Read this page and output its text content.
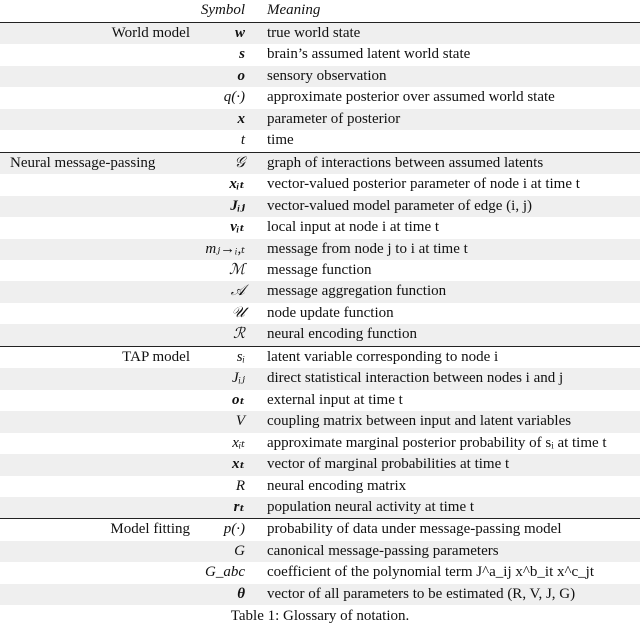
	Symbol	Meaning
World model	w	true world state
	s	brain’s assumed latent world state
	o	sensory observation
	q(·)	approximate posterior over assumed world state
	x	parameter of posterior
	t	time
Neural message-passing	𝒢	graph of interactions between assumed latents
	xᵢₜ	vector-valued posterior parameter of node i at time t
	Jᵢⱼ	vector-valued model parameter of edge (i, j)
	vᵢₜ	local input at node i at time t
	mⱼ→ᵢ,ₜ	message from node j to i at time t
	ℳ	message function
	𝒜	message aggregation function
	𝒰	node update function
	ℛ	neural encoding function
TAP model	sᵢ	latent variable corresponding to node i
	Jᵢⱼ	direct statistical interaction between nodes i and j
	oₜ	external input at time t
	V	coupling matrix between input and latent variables
	xᵢₜ	approximate marginal posterior probability of sᵢ at time t
	xₜ	vector of marginal probabilities at time t
	R	neural encoding matrix
	rₜ	population neural activity at time t
Model fitting	p(·)	probability of data under message-passing model
	G	canonical message-passing parameters
	G_abc	coefficient of the polynomial term J^a_ij x^b_it x^c_jt
	θ	vector of all parameters to be estimated (R, V, J, G)
Table 1: Glossary of notation.
